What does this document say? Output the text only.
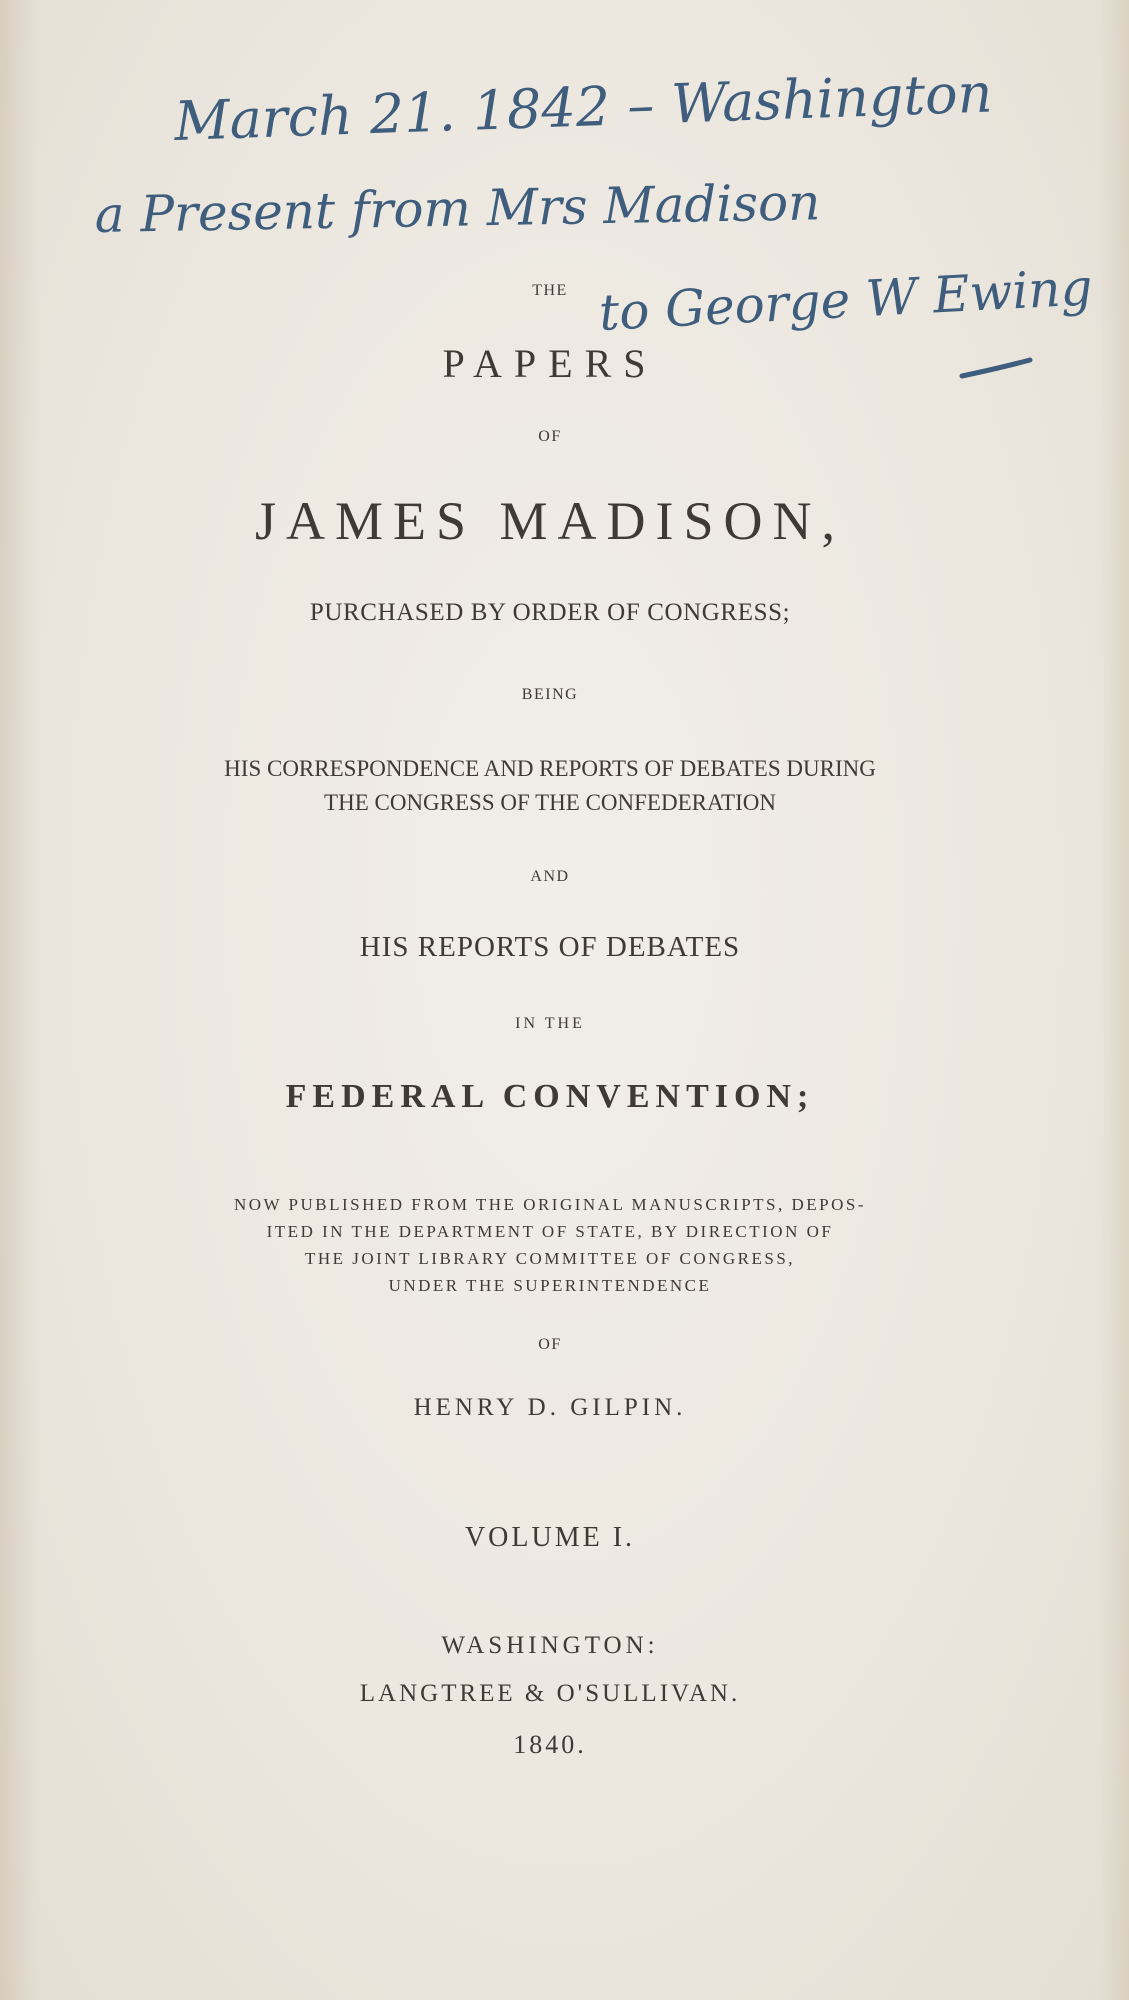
March 21. 1842 – Washington
a Present from Mrs Madison
to George W Ewing
THE
PAPERS
OF
JAMES MADISON,
PURCHASED BY ORDER OF CONGRESS;
BEING
HIS CORRESPONDENCE AND REPORTS OF DEBATES DURING
THE CONGRESS OF THE CONFEDERATION
AND
HIS REPORTS OF DEBATES
IN THE
FEDERAL CONVENTION;
NOW PUBLISHED FROM THE ORIGINAL MANUSCRIPTS, DEPOS-
ITED IN THE DEPARTMENT OF STATE, BY DIRECTION OF
THE JOINT LIBRARY COMMITTEE OF CONGRESS,
UNDER THE SUPERINTENDENCE
OF
HENRY D. GILPIN.
VOLUME I.
WASHINGTON:
LANGTREE & O'SULLIVAN.
1840.
